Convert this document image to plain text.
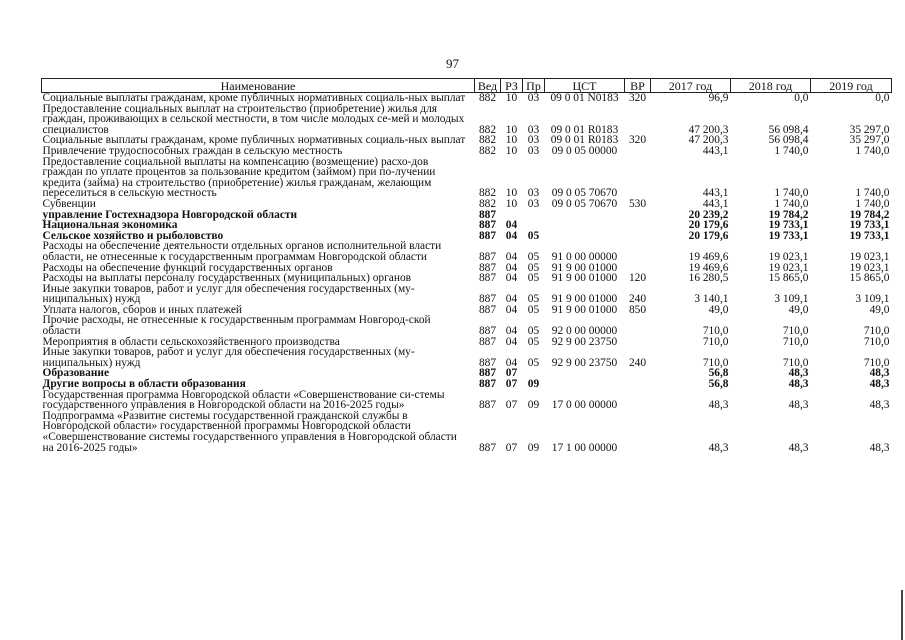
97
Наименование	Вед	РЗ	Пр	ЦСТ	ВР	2017 год	2018 год	2019 год
Социальные выплаты гражданам, кроме публичных нормативных социаль-ных выплат	882	10	03	09 0 01 N0183	320	96,9	0,0	0,0
Предоставление социальных выплат на строительство (приобретение) жилья для граждан, проживающих в сельской местности, в том числе молодых се-мей и молодых специалистов	882	10	03	09 0 01 R0183		47 200,3	56 098,4	35 297,0
Социальные выплаты гражданам, кроме публичных нормативных социаль-ных выплат	882	10	03	09 0 01 R0183	320	47 200,3	56 098,4	35 297,0
Привлечение трудоспособных граждан в сельскую местность	882	10	03	09 0 05 00000		443,1	1 740,0	1 740,0
Предоставление социальной выплаты на компенсацию (возмещение) расхо-дов граждан по уплате процентов за пользование кредитом (займом) при по-лучении кредита (займа) на строительство (приобретение) жилья гражданам, желающим переселиться в сельскую местность	882	10	03	09 0 05 70670		443,1	1 740,0	1 740,0
Субвенции	882	10	03	09 0 05 70670	530	443,1	1 740,0	1 740,0
управление Гостехнадзора Новгородской области	887					20 239,2	19 784,2	19 784,2
Национальная экономика	887	04				20 179,6	19 733,1	19 733,1
Сельское хозяйство и рыболовство	887	04	05			20 179,6	19 733,1	19 733,1
Расходы на обеспечение деятельности отдельных органов исполнительной власти области, не отнесенные к государственным программам Новгородской области	887	04	05	91 0 00 00000		19 469,6	19 023,1	19 023,1
Расходы на обеспечение функций государственных органов	887	04	05	91 9 00 01000		19 469,6	19 023,1	19 023,1
Расходы на выплаты персоналу государственных (муниципальных) органов	887	04	05	91 9 00 01000	120	16 280,5	15 865,0	15 865,0
Иные закупки товаров, работ и услуг для обеспечения государственных (му-ниципальных) нужд	887	04	05	91 9 00 01000	240	3 140,1	3 109,1	3 109,1
Уплата налогов, сборов и иных платежей	887	04	05	91 9 00 01000	850	49,0	49,0	49,0
Прочие расходы, не отнесенные к государственным программам Новгород-ской области	887	04	05	92 0 00 00000		710,0	710,0	710,0
Мероприятия в области сельскохозяйственного производства	887	04	05	92 9 00 23750		710,0	710,0	710,0
Иные закупки товаров, работ и услуг для обеспечения государственных (му-ниципальных) нужд	887	04	05	92 9 00 23750	240	710,0	710,0	710,0
Образование	887	07				56,8	48,3	48,3
Другие вопросы в области образования	887	07	09			56,8	48,3	48,3
Государственная программа Новгородской области «Совершенствование си-стемы государственного управления в Новгородской области на 2016-2025 годы»	887	07	09	17 0 00 00000		48,3	48,3	48,3
Подпрограмма «Развитие системы государственной гражданской службы в Новгородской области» государственной программы Новгородской области «Совершенствование системы государственного управления в Новгородской области на 2016-2025 годы»	887	07	09	17 1 00 00000		48,3	48,3	48,3
